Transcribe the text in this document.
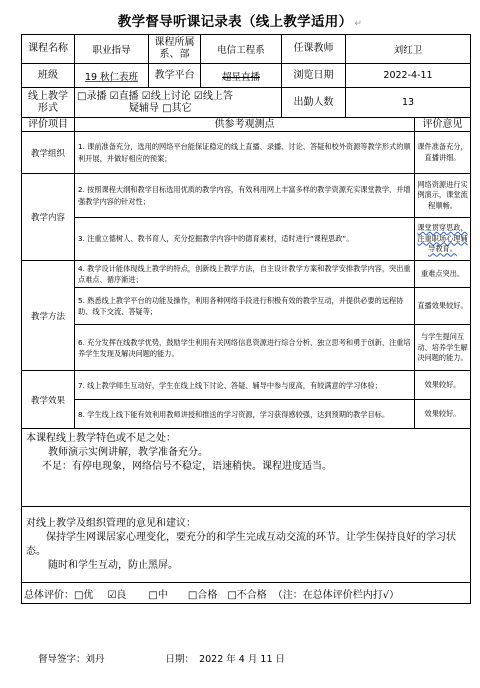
教学督导听课记录表（线上教学适用） ↵
课程名称	职业指导	课程所属系、部	电信工程系	任课教师	刘红卫	
班级	19 秋仁表班	教学平台	超星直播	浏览日期	2022-4-11	
线上教学形式	□录播 ☑直播 ☑线上讨论 ☑线上答
疑辅导 □其它			出勤人数	13	
评价项目	供参考观测点					评价意见
教学组织	1. 课前准备充分，选用的网络平台能保证稳定的线上直播、录播、讨论、答疑和校外资源等教学形式的顺利开展，并做好相应的预案；					课件准备充分，直播讲细。
教学内容	2. 按照课程大纲和教学目标选用优质的教学内容，有效利用网上丰富多样的教学资源充实课堂教学，并增强教学内容的针对性；					网络资源进行实例演示，课堂流程顺畅。
	3. 注重立德树人、教书育人，充分挖掘教学内容中的德育素材，适时进行“课程思政”。					课堂贯穿思政，注重职场心理辅导教育。
教学方法	4. 教学设计能体现线上教学的特点，创新线上教学方法，自主设计教学方案和教学安排教学内容，突出重点难点、循序渐进；					重难点突出。
	5. 熟悉线上教学平台的功能及操作，利用各种网络手段进行积极有效的教学互动，并提供必要的远程协助、线下交流、答疑等；					直播效果较好。
	6. 充分发挥在线教学优势，鼓励学生利用有关网络信息资源进行综合分析、独立思考和勇于创新，注重培养学生发现及解决问题的能力。					与学生提问互动、培养学生解决问题的能力。
教学效果	7. 线上教学师生互动好，学生在线上线下讨论、答疑、辅导中参与度高，有较满意的学习体验；					效果较好。
	8. 学生线上线下能有效利用教师讲授和推送的学习资源，学习获得感较强，达到预期的教学目标。					效果较好。

本课程线上教学特色或不足之处：

教师演示实例讲解，教学准备充分。

不足：有停电现象，网络信号不稳定，语速稍快。课程进度适当。						

对线上教学及组织管理的意见和建议：

保持学生网课居家心理变化，要充分的和学生完成互动交流的环节。让学生保持良好的学习状态。

随时和学生互动，防止黑屏。						

总体评价：□优 ☑良 □中 □合格 □不合格 （注：在总体评价栏内打√）						
督导签字：刘丹	日期： 2022 年 4 月 11 日
